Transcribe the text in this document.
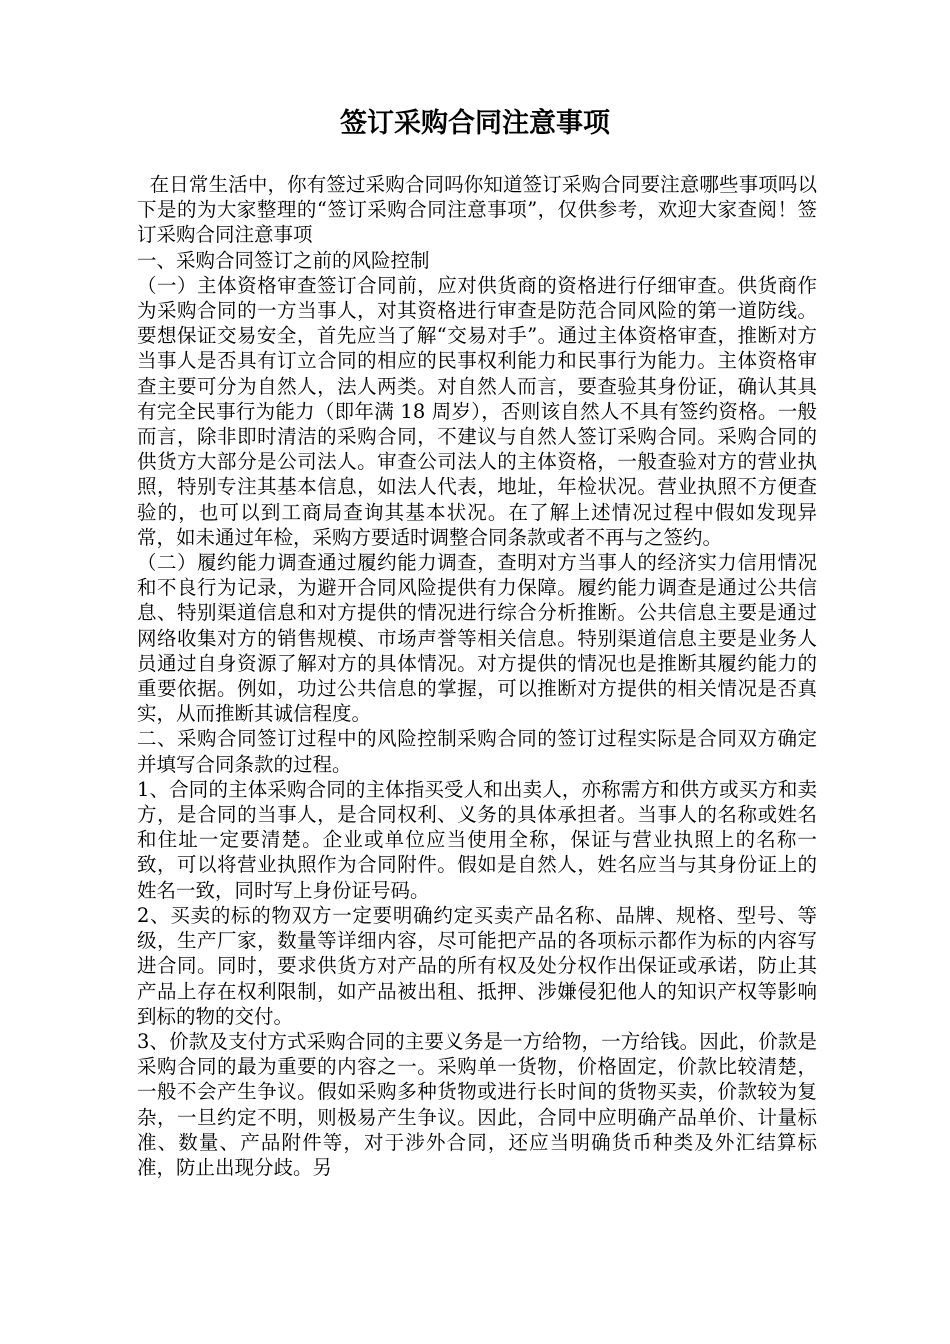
签订采购合同注意事项

在日常生活中，你有签过采购合同吗你知道签订采购合同要注意哪些事项吗以下是的为大家整理的“签订采购合同注意事项”，仅供参考，欢迎大家查阅！签订采购合同注意事项

一、采购合同签订之前的风险控制

（一）主体资格审查签订合同前，应对供货商的资格进行仔细审查。供货商作为采购合同的一方当事人，对其资格进行审查是防范合同风险的第一道防线。要想保证交易安全，首先应当了解“交易对手”。通过主体资格审查，推断对方当事人是否具有订立合同的相应的民事权利能力和民事行为能力。主体资格审查主要可分为自然人，法人两类。对自然人而言，要查验其身份证，确认其具有完全民事行为能力（即年满 18 周岁），否则该自然人不具有签约资格。一般而言，除非即时清洁的采购合同，不建议与自然人签订采购合同。采购合同的供货方大部分是公司法人。审查公司法人的主体资格，一般查验对方的营业执照，特别专注其基本信息，如法人代表，地址，年检状况。营业执照不方便查验的，也可以到工商局查询其基本状况。在了解上述情况过程中假如发现异常，如未通过年检，采购方要适时调整合同条款或者不再与之签约。

（二）履约能力调查通过履约能力调查，查明对方当事人的经济实力信用情况和不良行为记录，为避开合同风险提供有力保障。履约能力调查是通过公共信息、特别渠道信息和对方提供的情况进行综合分析推断。公共信息主要是通过网络收集对方的销售规模、市场声誉等相关信息。特别渠道信息主要是业务人员通过自身资源了解对方的具体情况。对方提供的情况也是推断其履约能力的重要依据。例如，功过公共信息的掌握，可以推断对方提供的相关情况是否真实，从而推断其诚信程度。

二、采购合同签订过程中的风险控制采购合同的签订过程实际是合同双方确定并填写合同条款的过程。

1、合同的主体采购合同的主体指买受人和出卖人，亦称需方和供方或买方和卖方，是合同的当事人，是合同权利、义务的具体承担者。当事人的名称或姓名和住址一定要清楚。企业或单位应当使用全称，保证与营业执照上的名称一致，可以将营业执照作为合同附件。假如是自然人，姓名应当与其身份证上的姓名一致，同时写上身份证号码。

2、买卖的标的物双方一定要明确约定买卖产品名称、品牌、规格、型号、等级，生产厂家，数量等详细内容，尽可能把产品的各项标示都作为标的内容写进合同。同时，要求供货方对产品的所有权及处分权作出保证或承诺，防止其产品上存在权利限制，如产品被出租、抵押、涉嫌侵犯他人的知识产权等影响到标的物的交付。

3、价款及支付方式采购合同的主要义务是一方给物，一方给钱。因此，价款是采购合同的最为重要的内容之一。采购单一货物，价格固定，价款比较清楚，一般不会产生争议。假如采购多种货物或进行长时间的货物买卖，价款较为复杂，一旦约定不明，则极易产生争议。因此，合同中应明确产品单价、计量标准、数量、产品附件等，对于涉外合同，还应当明确货币种类及外汇结算标准，防止出现分歧。另
